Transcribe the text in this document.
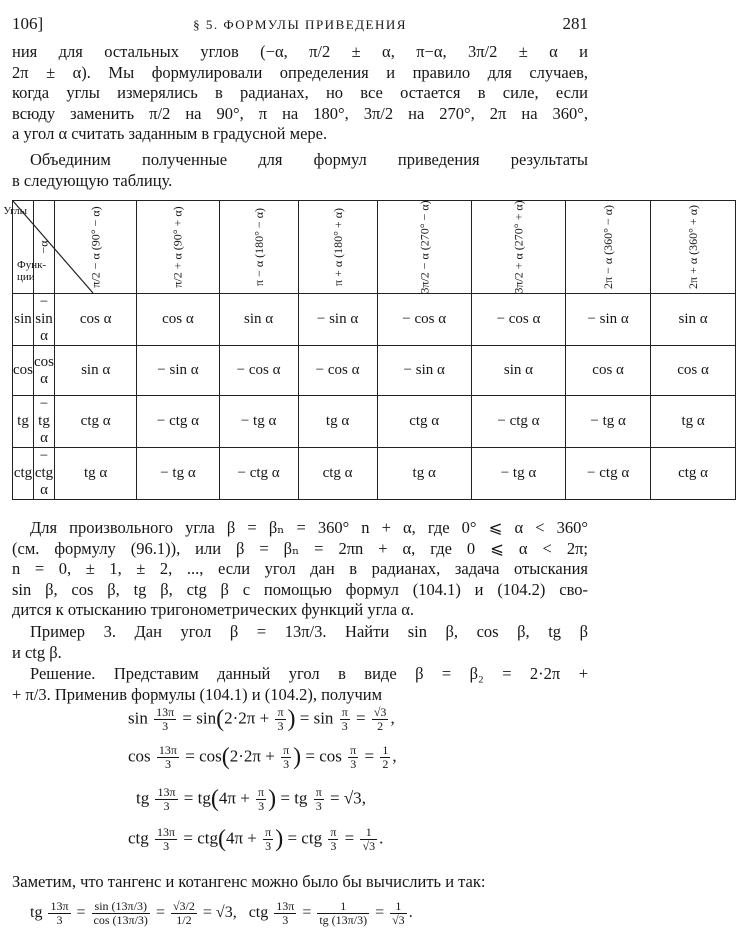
106]	§ 5. ФОРМУЛЫ ПРИВЕДЕНИЯ	281
ния для остальных углов (−α, π/2 ± α, π−α, 3π/2 ± α и
2π ± α). Мы формулировали определения и правило для случаев,
когда углы измерялись в радианах, но все остается в силе, если
всюду заменить π/2 на 90°, π на 180°, 3π/2 на 270°, 2π на 360°,
а угол α считать заданным в градусной мере.
Объединим полученные для формул приведения результаты
в следующую таблицу.
Углы
Функ-
ции	−α	π/2 − α (90° − α)	π/2 + α (90° + α)	π − α (180° − α)	π + α (180° + α)	3π/2 − α (270° − α)	3π/2 + α (270° + α)	2π − α (360° − α)	2π + α (360° + α)
sin	− sin α	cos α	cos α	sin α	− sin α	− cos α	− cos α	− sin α	sin α
cos	cos α	sin α	− sin α	− cos α	− cos α	− sin α	sin α	cos α	cos α
tg	− tg α	ctg α	− ctg α	− tg α	tg α	ctg α	− ctg α	− tg α	tg α
ctg	− ctg α	tg α	− tg α	− ctg α	ctg α	tg α	− tg α	− ctg α	ctg α
Для произвольного угла β = βₙ = 360° n + α, где 0° ⩽ α < 360°
(см. формулу (96.1)), или β = βₙ = 2πn + α, где 0 ⩽ α < 2π;
n = 0, ± 1, ± 2, ..., если угол дан в радианах, задача отыскания
sin β, cos β, tg β, ctg β с помощью формул (104.1) и (104.2) сво-
дится к отысканию тригонометрических функций угла α.
Пример 3. Дан угол β = 13π/3. Найти sin β, cos β, tg β
и ctg β.
Решение. Представим данный угол в виде β = β₂ = 2·2π +
+ π/3. Применив формулы (104.1) и (104.2), получим
$\sin \frac{13\pi}{3} = \sin(2\cdot 2\pi + \frac{\pi}{3}$ ) = $\sin \frac{\pi}{3} = \frac{√3}{2}$ ,
$\cos \frac{13\pi}{3} = \cos(2\cdot 2\pi + \frac{\pi}{3}$ ) = $\cos \frac{\pi}{3} = \frac{1}{2}$ ,
tg $\frac{13\pi}{3} = tg(4\pi + \frac{\pi}{3}$ ) = tg $\frac{\pi}{3} = √3$,
ctg $\frac{13\pi}{3} = ctg(4\pi + \frac{\pi}{3}$ ) = ctg $\frac{\pi}{3} = \frac{1}{√3}$ .
Заметим, что тангенс и котангенс можно было бы вычислить и так:
tg $\frac{13\pi}{3} = \frac{\sin (13\pi/3)}{\cos (13\pi/3)} = \frac{√3/2}{1/2} = √3$,   ctg $\frac{13\pi}{3} = \frac{1}{tg (13\pi/3)} = \frac{1}{√3}$ .
